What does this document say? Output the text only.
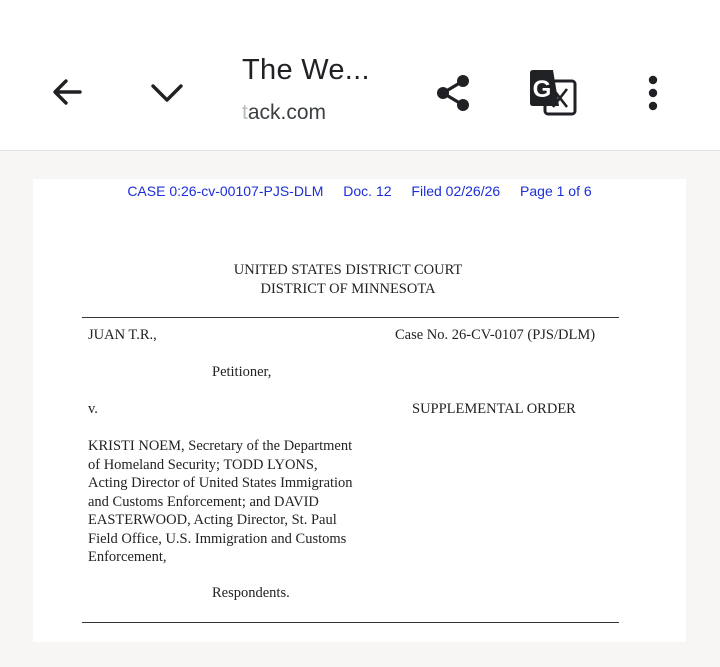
The We...
tack.com
G
CASE 0:26-cv-00107-PJS-DLM Doc. 12 Filed 02/26/26 Page 1 of 6
UNITED STATES DISTRICT COURT
DISTRICT OF MINNESOTA
JUAN T.R.,	Case No. 26-CV-0107 (PJS/DLM)
Petitioner,
v.	SUPPLEMENTAL ORDER
KRISTI NOEM, Secretary of the Department
of Homeland Security; TODD LYONS,
Acting Director of United States Immigration
and Customs Enforcement; and DAVID
EASTERWOOD, Acting Director, St. Paul
Field Office, U.S. Immigration and Customs
Enforcement,
Respondents.
